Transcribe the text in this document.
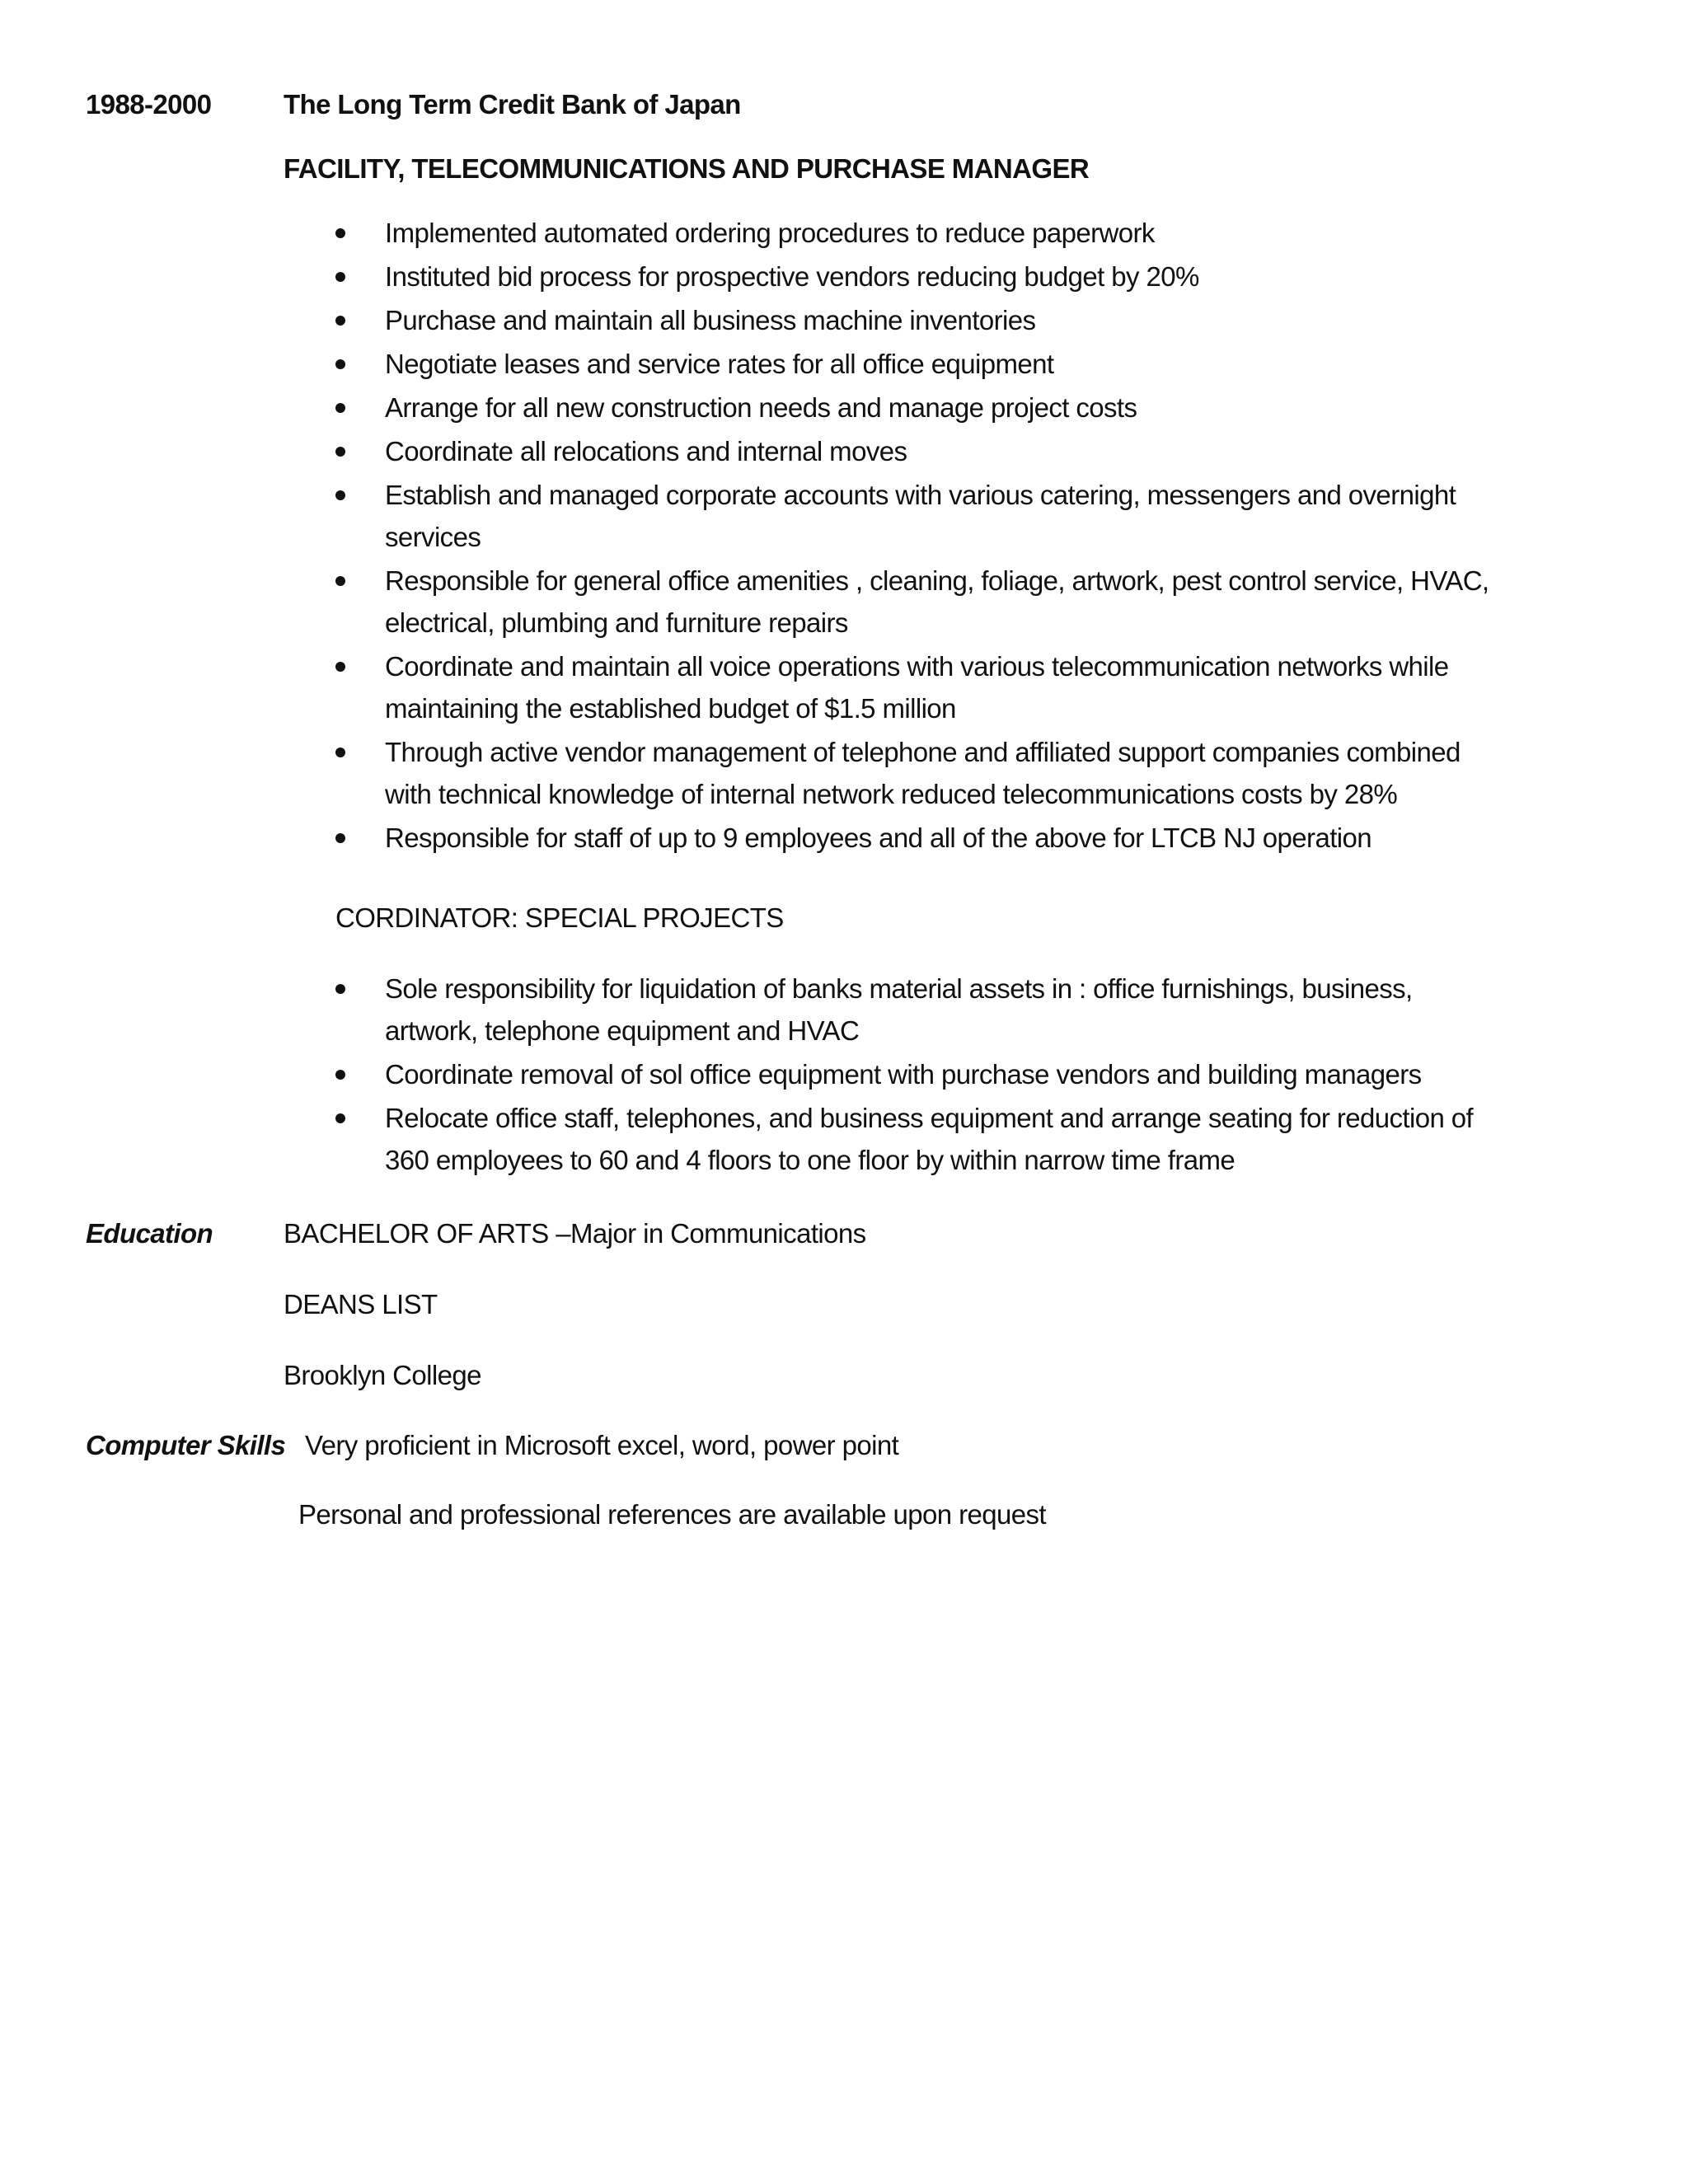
1988-2000	The Long Term Credit Bank of Japan
FACILITY, TELECOMMUNICATIONS AND PURCHASE MANAGER
Implemented automated ordering procedures to reduce paperwork
Instituted bid process for prospective vendors reducing budget by 20%
Purchase and maintain all business machine inventories
Negotiate leases and service rates for all office equipment
Arrange for all new construction needs and manage project costs
Coordinate all relocations and internal moves
Establish and managed corporate accounts with various catering, messengers and overnight
services
Responsible for general office amenities , cleaning, foliage, artwork, pest control service, HVAC,
electrical, plumbing and furniture repairs
Coordinate and maintain all voice operations with various telecommunication networks while
maintaining the established budget of $1.5 million
Through active vendor management of telephone and affiliated support companies combined
with technical knowledge of internal network reduced telecommunications costs by 28%
Responsible for staff of up to 9 employees and all of the above for LTCB NJ operation
CORDINATOR: SPECIAL PROJECTS
Sole responsibility for liquidation of banks material assets in : office furnishings, business,
artwork, telephone equipment and HVAC
Coordinate removal of sol office equipment with purchase vendors and building managers
Relocate office staff, telephones, and business equipment and arrange seating for reduction of
360 employees to 60 and 4 floors to one floor by within narrow time frame
Education	BACHELOR OF ARTS –Major in Communications
DEANS LIST
Brooklyn College
Computer Skills Very proficient in Microsoft excel, word, power point
Personal and professional references are available upon request
